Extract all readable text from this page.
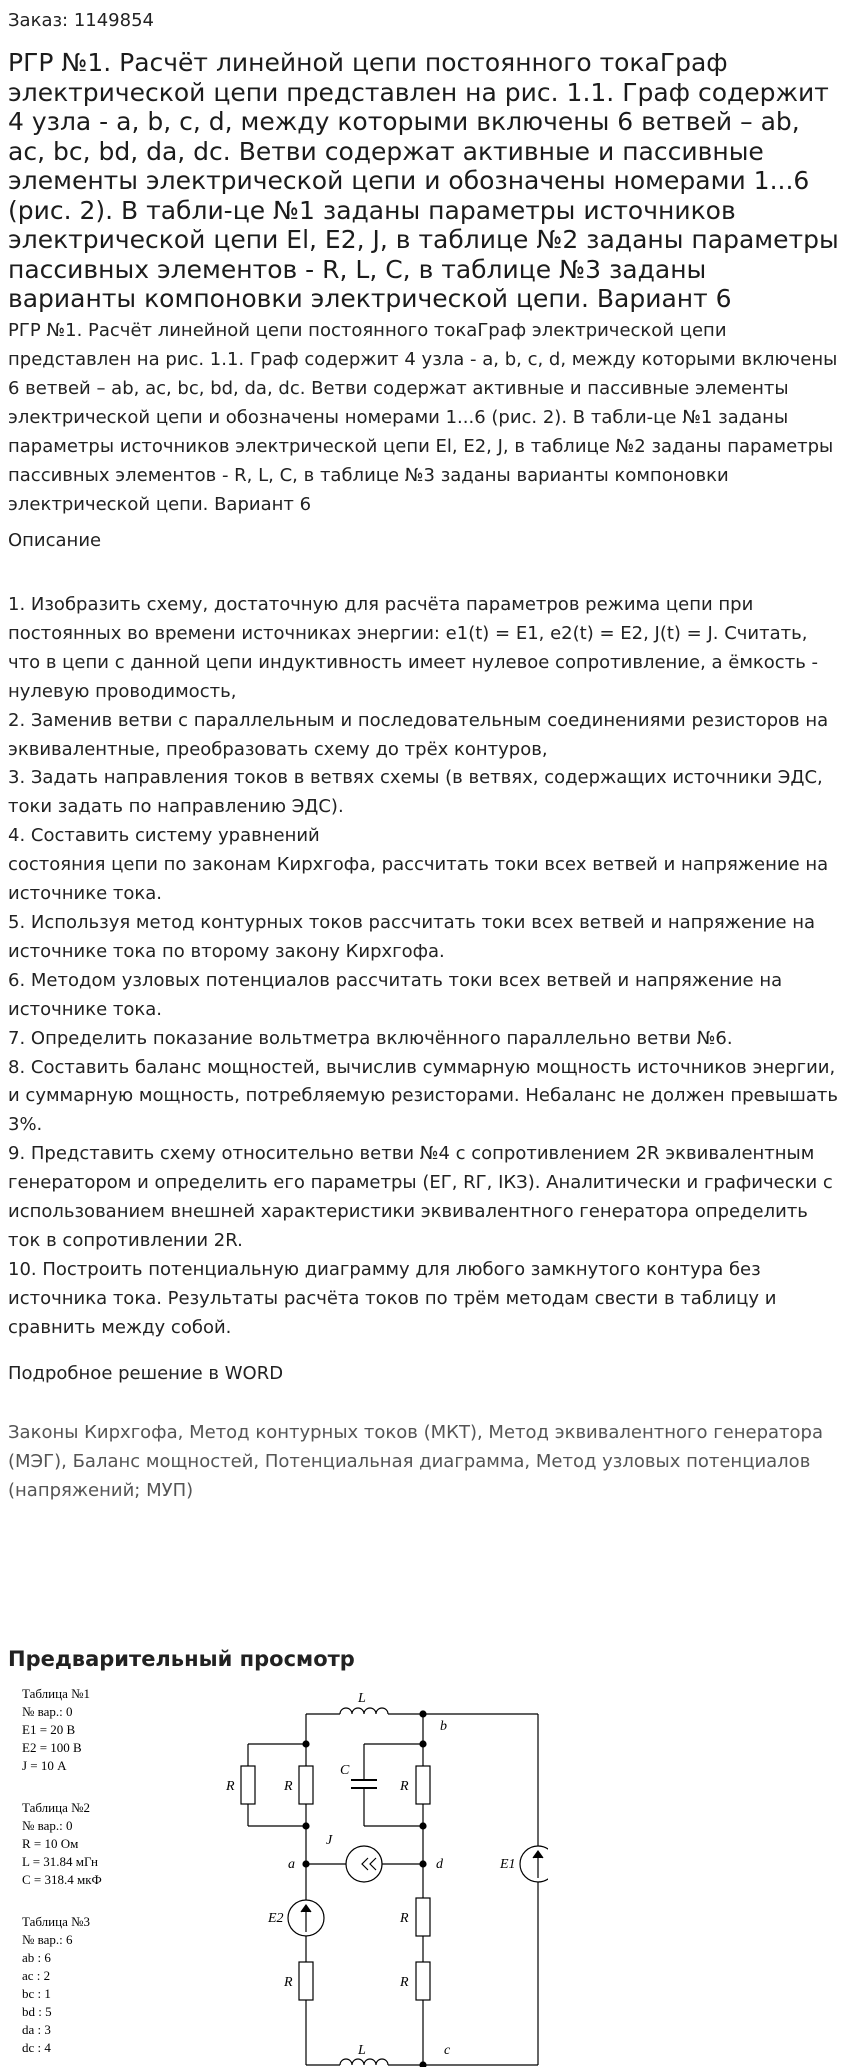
Заказ: 1149854
РГР №1. Расчёт линейной цепи постоянного токаГраф электрической цепи представлен на рис. 1.1. Граф содержит 4 узла - а, b, с, d, между которыми включены 6 ветвей – ab, ac, bc, bd, da, dc. Ветви содержат активные и пассивные элементы электрической цепи и обозначены номерами 1...6 (рис. 2). В табли-це №1 заданы параметры источников электрической цепи El, Е2, J, в таблице №2 заданы параметры пассивных элементов - R, L, С, в таблице №3 заданы варианты компоновки электрической цепи. Вариант 6

РГР №1. Расчёт линейной цепи постоянного токаГраф электрической цепи представлен на рис. 1.1. Граф содержит 4 узла - а, b, с, d, между которыми включены 6 ветвей – ab, ac, bc, bd, da, dc. Ветви содержат активные и пассивные элементы электрической цепи и обозначены номерами 1...6 (рис. 2). В табли-це №1 заданы параметры источников электрической цепи El, Е2, J, в таблице №2 заданы параметры пассивных элементов - R, L, С, в таблице №3 заданы варианты компоновки электрической цепи. Вариант 6

Описание
1. Изобразить схему, достаточную для расчёта параметров режима цепи при постоянных во времени источниках энергии: e1(t) = E1, e2(t) = E2, J(t) = J. Считать, что в цепи с данной цепи индуктивность имеет нулевое сопротивление, а ёмкость - нулевую проводимость,
2. Заменив ветви с параллельным и последовательным соединениями резисторов на эквивалентные, преобразовать схему до трёх контуров,
3. Задать направления токов в ветвях схемы (в ветвях, содержащих источники ЭДС, токи задать по направлению ЭДС).
4. Составить систему уравнений
состояния цепи по законам Кирхгофа, рассчитать токи всех ветвей и напряжение на источнике тока.
5. Используя метод контурных токов рассчитать токи всех ветвей и напряжение на источнике тока по второму закону Кирхгофа.
6. Методом узловых потенциалов рассчитать токи всех ветвей и напряжение на источнике тока.
7. Определить показание вольтметра включённого параллельно ветви №6.
8. Составить баланс мощностей, вычислив суммарную мощность источников энергии, и суммарную мощность, потребляемую резисторами. Небаланс не должен превышать 3%.
9. Представить схему относительно ветви №4 с сопротивлением 2R эквивалентным генератором и определить его параметры (ЕГ, RГ, IКЗ). Аналитически и графически с использованием внешней характеристики эквивалентного генератора определить ток в сопротивлении 2R.
10. Построить потенциальную диаграмму для любого замкнутого контура без источника тока. Результаты расчёта токов по трём методам свести в таблицу и сравнить между собой.
Подробное решение в WORD
Законы Кирхгофа, Метод контурных токов (МКТ), Метод эквивалентного генератора (МЭГ), Баланс мощностей, Потенциальная диаграмма, Метод узловых потенциалов (напряжений; МУП)
Предварительный просмотр
Таблица №1
№ вар.: 0
E1 = 20 В
E2 = 100 В
J = 10 А
Таблица №2
№ вар.: 0
R = 10 Ом
L = 31.84 мГн
C = 318.4 мкФ
Таблица №3
№ вар.: 6
ab : 6
ac : 2
bc : 1
bd : 5
da : 3
dc : 4
L
b
C
R	R	R
J
a	d	E1
E2	R
R	R
c
L
